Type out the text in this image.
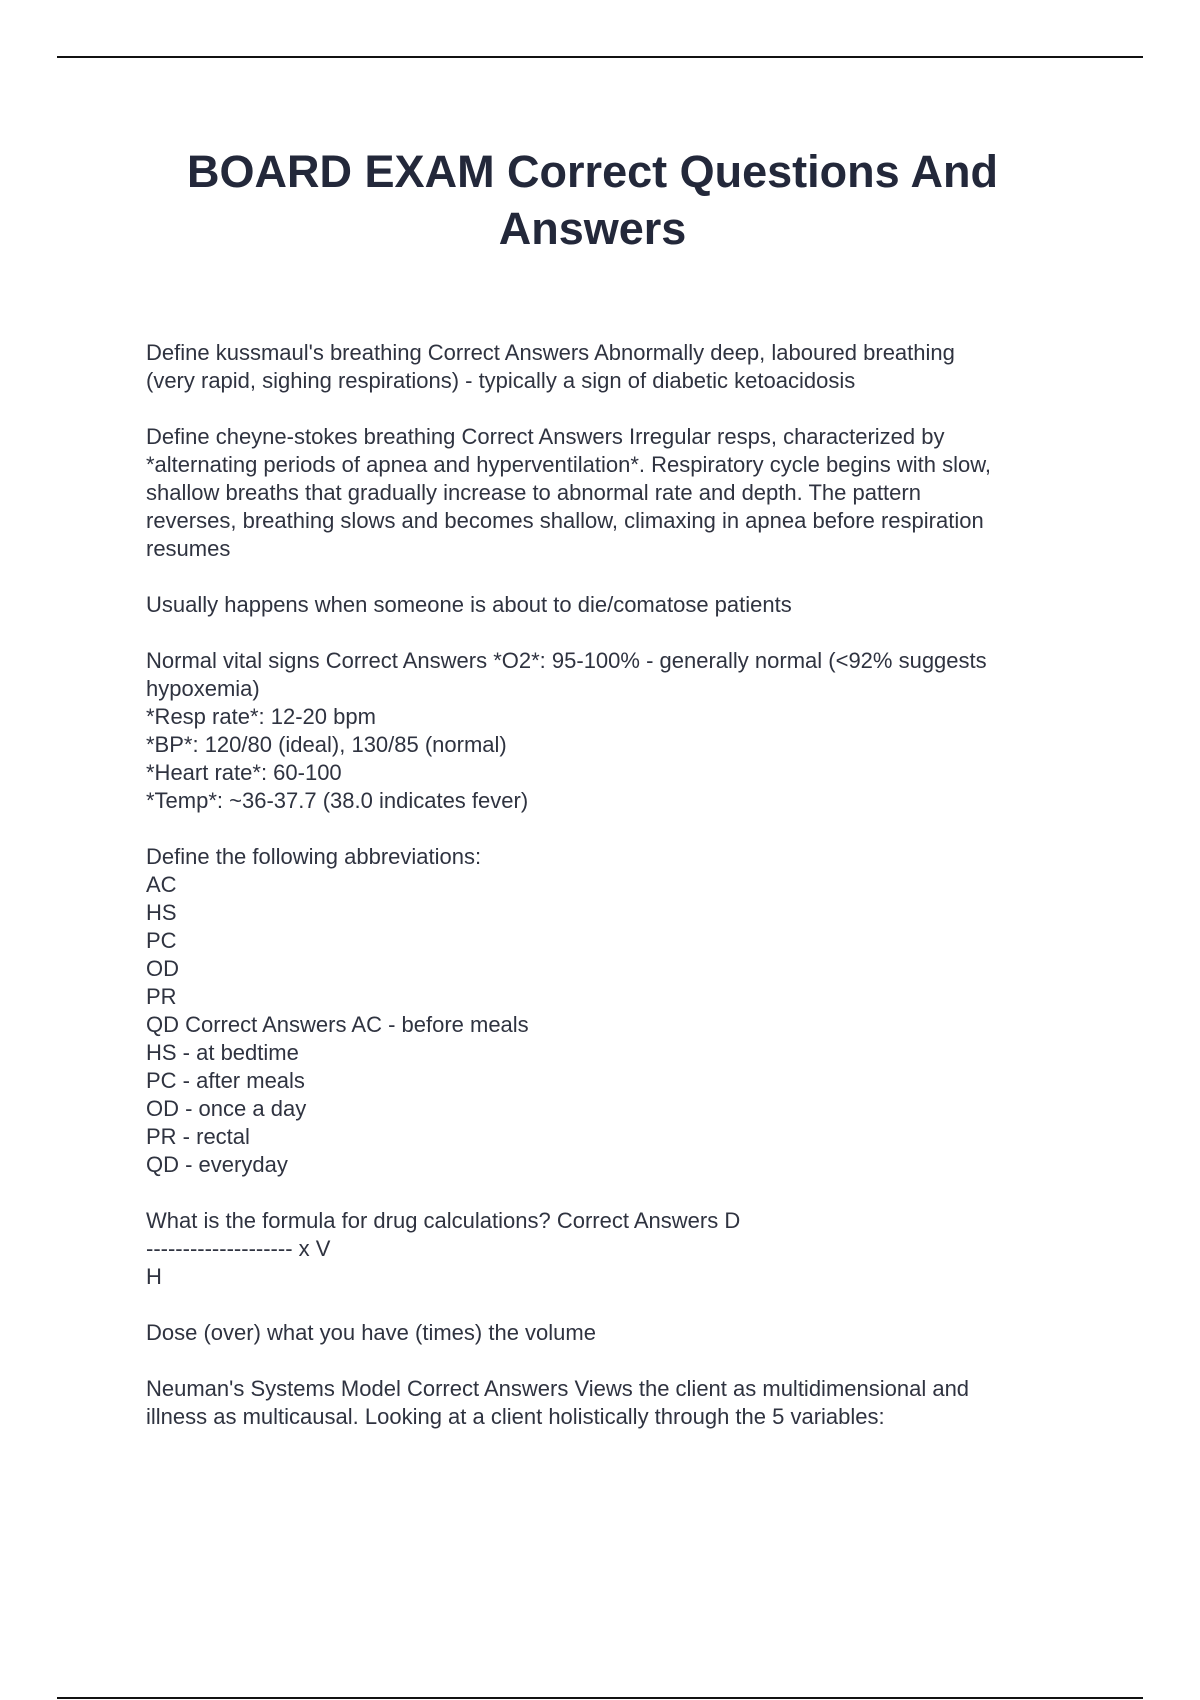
BOARD EXAM Correct Questions And
Answers
Define kussmaul's breathing Correct Answers Abnormally deep, laboured breathing
(very rapid, sighing respirations) - typically a sign of diabetic ketoacidosis
Define cheyne-stokes breathing Correct Answers Irregular resps, characterized by
*alternating periods of apnea and hyperventilation*. Respiratory cycle begins with slow,
shallow breaths that gradually increase to abnormal rate and depth. The pattern
reverses, breathing slows and becomes shallow, climaxing in apnea before respiration
resumes
Usually happens when someone is about to die/comatose patients
Normal vital signs Correct Answers *O2*: 95-100% - generally normal (<92% suggests
hypoxemia)
*Resp rate*: 12-20 bpm
*BP*: 120/80 (ideal), 130/85 (normal)
*Heart rate*: 60-100
*Temp*: ~36-37.7 (38.0 indicates fever)
Define the following abbreviations:
AC
HS
PC
OD
PR
QD Correct Answers AC - before meals
HS - at bedtime
PC - after meals
OD - once a day
PR - rectal
QD - everyday
What is the formula for drug calculations? Correct Answers D
-------------------- x V
H
Dose (over) what you have (times) the volume
Neuman's Systems Model Correct Answers Views the client as multidimensional and
illness as multicausal. Looking at a client holistically through the 5 variables:
